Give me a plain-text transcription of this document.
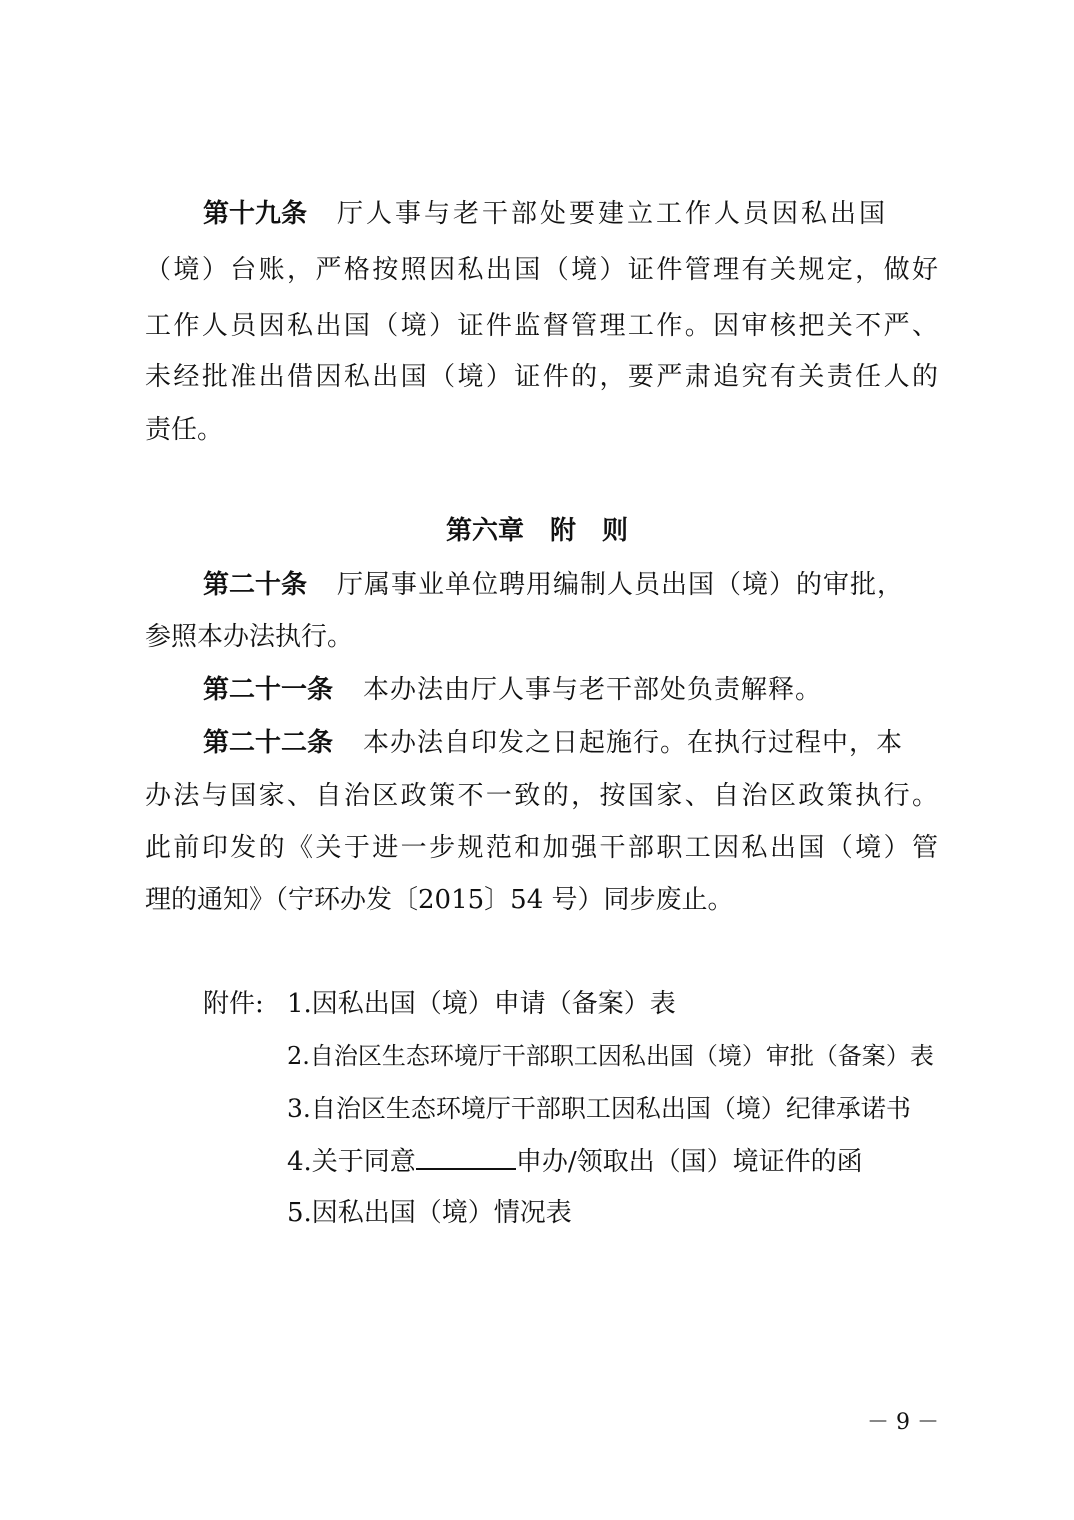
第十九条 厅人事与老干部处要建立工作人员因私出国
（境）台账，严格按照因私出国（境）证件管理有关规定，做好
工作人员因私出国（境）证件监督管理工作。因审核把关不严、
未经批准出借因私出国（境）证件的，要严肃追究有关责任人的
责任。
第六章　附　则
第二十条 厅属事业单位聘用编制人员出国（境）的审批，
参照本办法执行。
第二十一条 本办法由厅人事与老干部处负责解释。
第二十二条 本办法自印发之日起施行。在执行过程中，本
办法与国家、自治区政策不一致的，按国家、自治区政策执行。
此前印发的《关于进一步规范和加强干部职工因私出国（境）管
理的通知》（宁环办发〔2015〕54 号）同步废止。
附件: 1.因私出国（境）申请（备案）表
2.自治区生态环境厅干部职工因私出国（境）审批（备案）表
3.自治区生态环境厅干部职工因私出国（境）纪律承诺书
4.关于同意	申办/领取出（国）境证件的函
5.因私出国（境）情况表
－ 9 －
